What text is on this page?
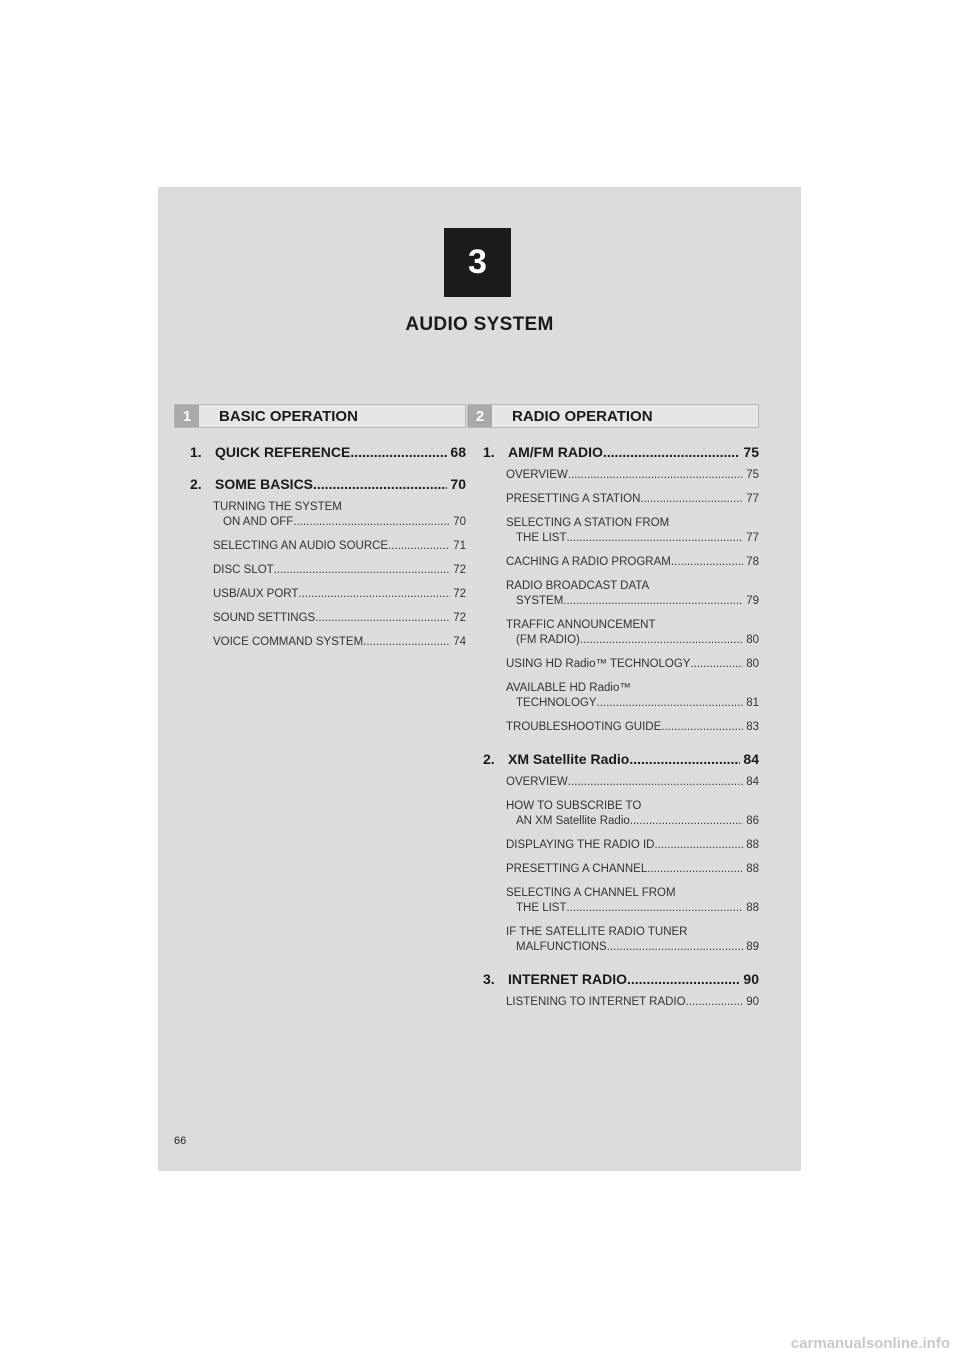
3
AUDIO SYSTEM
1	BASIC OPERATION
1. QUICK REFERENCE .....	68
2. SOME BASICS .....	70
TURNING THE SYSTEM
ON AND OFF .....	70
SELECTING AN AUDIO SOURCE .....	71
DISC SLOT .....	72
USB/AUX PORT .....	72
SOUND SETTINGS .....	72
VOICE COMMAND SYSTEM .....	74
2	RADIO OPERATION
1. AM/FM RADIO .....	75
OVERVIEW .....	75
PRESETTING A STATION .....	77
SELECTING A STATION FROM
THE LIST .....	77
CACHING A RADIO PROGRAM .....	78
RADIO BROADCAST DATA
SYSTEM .....	79
TRAFFIC ANNOUNCEMENT
(FM RADIO) .....	80
USING HD Radio™ TECHNOLOGY .....	80
AVAILABLE HD Radio™
TECHNOLOGY .....	81
TROUBLESHOOTING GUIDE .....	83
2. XM Satellite Radio .....	84
OVERVIEW .....	84
HOW TO SUBSCRIBE TO
AN XM Satellite Radio .....	86
DISPLAYING THE RADIO ID .....	88
PRESETTING A CHANNEL .....	88
SELECTING A CHANNEL FROM
THE LIST .....	88
IF THE SATELLITE RADIO TUNER
MALFUNCTIONS .....	89
3. INTERNET RADIO .....	90
LISTENING TO INTERNET RADIO .....	90
66
carmanualsonline.info
